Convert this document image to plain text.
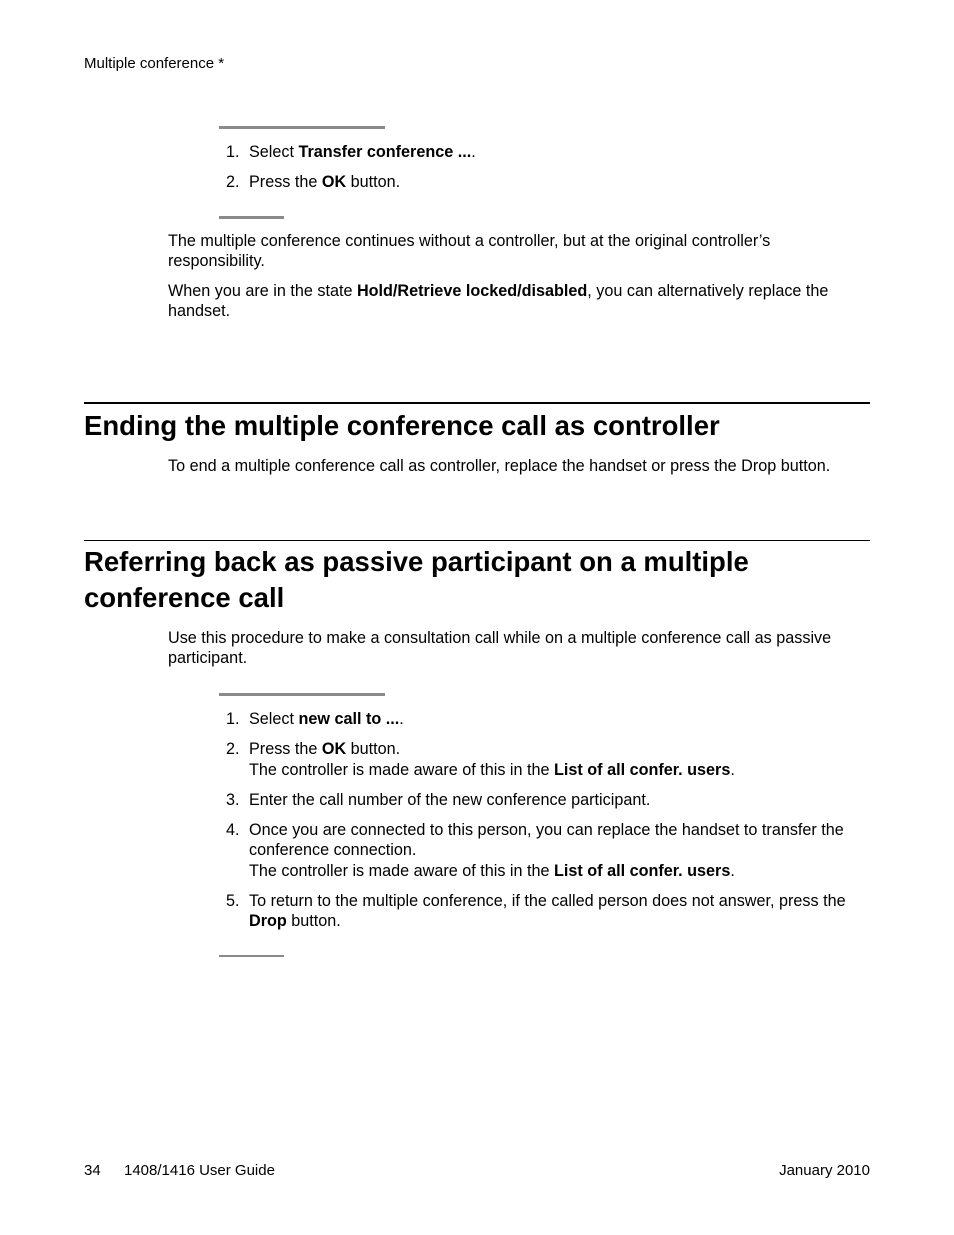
Multiple conference *
1. Select Transfer conference ....
2. Press the OK button.

The multiple conference continues without a controller, but at the original controller’s responsibility.

When you are in the state Hold/Retrieve locked/disabled, you can alternatively replace the handset.

Ending the multiple conference call as controller

To end a multiple conference call as controller, replace the handset or press the Drop button.

Referring back as passive participant on a multiple conference call

Use this procedure to make a consultation call while on a multiple conference call as passive participant.

1. Select new call to ....
2. Press the OK button.
The controller is made aware of this in the List of all confer. users.
3. Enter the call number of the new conference participant.
4. Once you are connected to this person, you can replace the handset to transfer the conference connection.
The controller is made aware of this in the List of all confer. users.
5. To return to the multiple conference, if the called person does not answer, press the Drop button.
34 1408/1416 User Guide	January 2010
